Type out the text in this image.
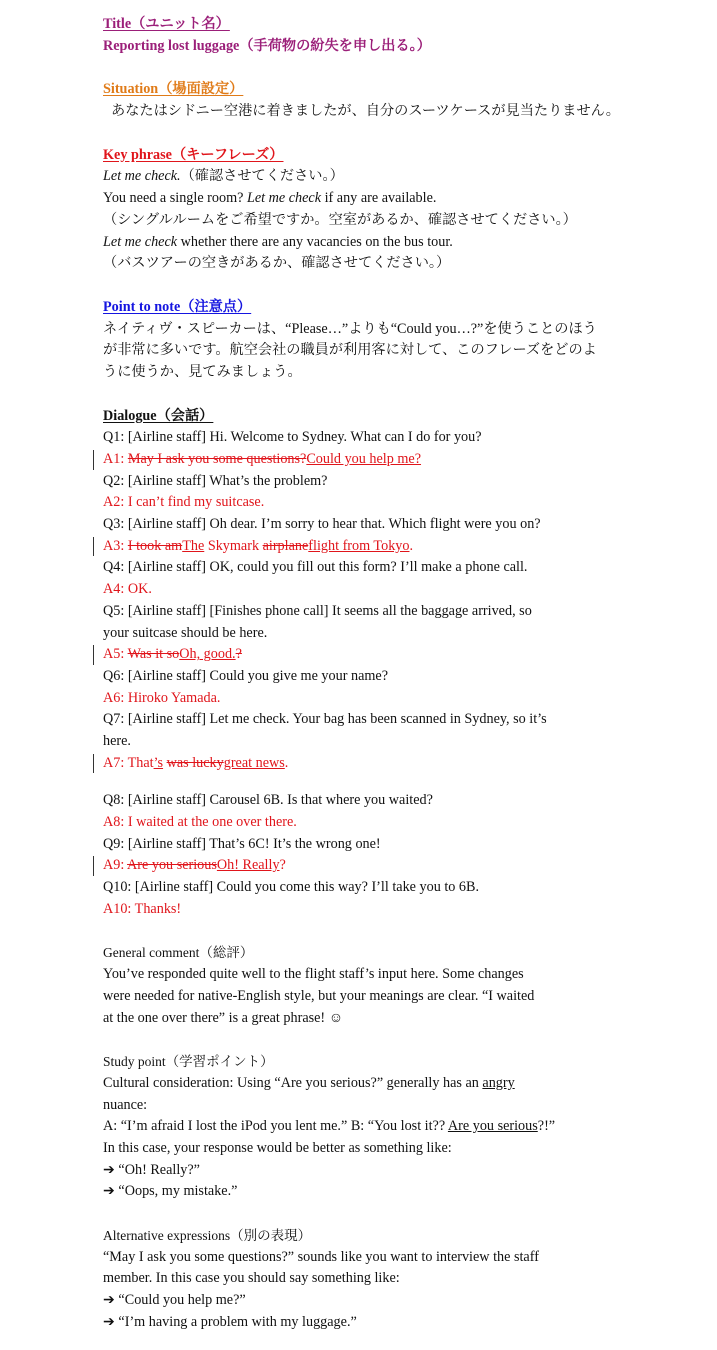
Title（ユニット名）
Reporting lost luggage（手荷物の紛失を申し出る。）
Situation（場面設定）
あなたはシドニー空港に着きましたが、自分のスーツケースが見当たりません。
Key phrase（キーフレーズ）
Let me check.（確認させてください。）
You need a single room? Let me check if any are available.
（シングルルームをご希望ですか。空室があるか、確認させてください。）
Let me check whether there are any vacancies on the bus tour.
（バスツアーの空きがあるか、確認させてください。）
Point to note（注意点）
ネイティヴ・スピーカーは、“Please…”よりも“Could you…?”を使うことのほう
が非常に多いです。航空会社の職員が利用客に対して、このフレーズをどのよ
うに使うか、見てみましょう。
Dialogue（会話）
Q1: [Airline staff] Hi. Welcome to Sydney. What can I do for you?
A1: May I ask you some questions?Could you help me?
Q2: [Airline staff] What’s the problem?
A2: I can’t find my suitcase.
Q3: [Airline staff] Oh dear. I’m sorry to hear that. Which flight were you on?
A3: I took amThe Skymark airplaneflight from Tokyo.
Q4: [Airline staff] OK, could you fill out this form? I’ll make a phone call.
A4: OK.
Q5: [Airline staff] [Finishes phone call] It seems all the baggage arrived, so
your suitcase should be here.
A5: Was it soOh, good.?
Q6: [Airline staff] Could you give me your name?
A6: Hiroko Yamada.
Q7: [Airline staff] Let me check. Your bag has been scanned in Sydney, so it’s
here.
A7: That’s was luckygreat news.
Q8: [Airline staff] Carousel 6B. Is that where you waited?
A8: I waited at the one over there.
Q9: [Airline staff] That’s 6C! It’s the wrong one!
A9: Are you seriousOh! Really?
Q10: [Airline staff] Could you come this way? I’ll take you to 6B.
A10: Thanks!
General comment（総評）
You’ve responded quite well to the flight staff’s input here. Some changes
were needed for native-English style, but your meanings are clear. “I waited
at the one over there” is a great phrase! ☺
Study point（学習ポイント）
Cultural consideration: Using “Are you serious?” generally has an angry
nuance:
A: “I’m afraid I lost the iPod you lent me.” B: “You lost it?? Are you serious?!”
In this case, your response would be better as something like:
➔ “Oh! Really?”
➔ “Oops, my mistake.”
Alternative expressions（別の表現）
“May I ask you some questions?” sounds like you want to interview the staff
member. In this case you should say something like:
➔ “Could you help me?”
➔ “I’m having a problem with my luggage.”
